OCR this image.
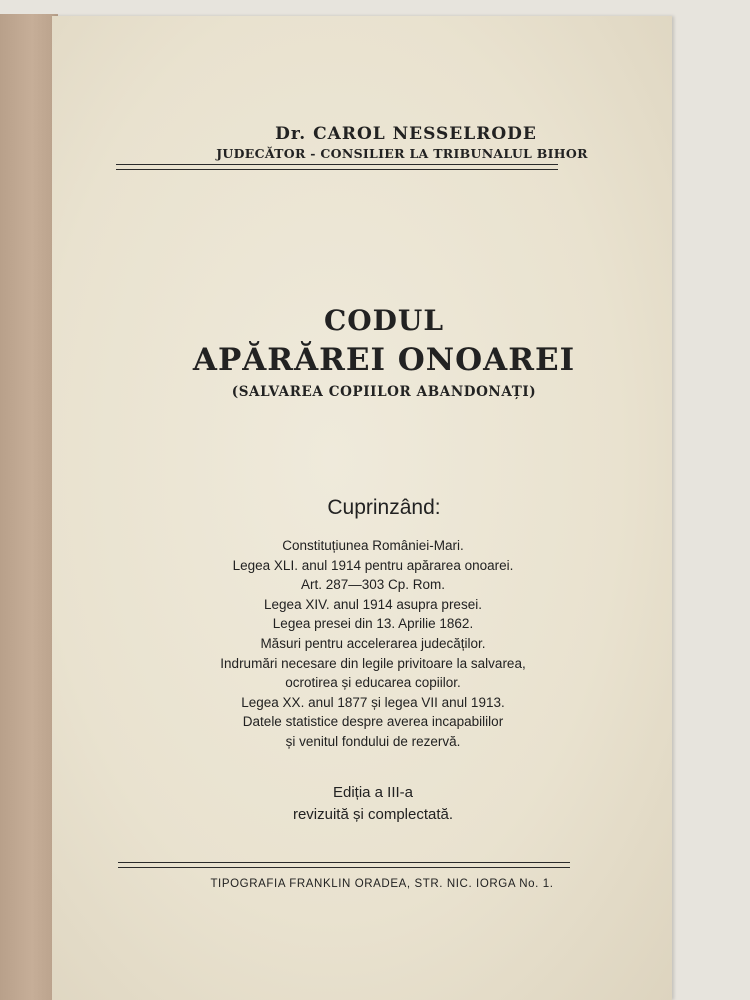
Dr. CAROL NESSELRODE
JUDECĂTOR - CONSILIER LA TRIBUNALUL BIHOR
CODUL
APĂRĂREI ONOAREI
(SALVAREA COPIILOR ABANDONAȚI)
Cuprinzând:
Constituțiunea României-Mari.
Legea XLI. anul 1914 pentru apărarea onoarei.
Art. 287—303 Cp. Rom.
Legea XIV. anul 1914 asupra presei.
Legea presei din 13. Aprilie 1862.
Măsuri pentru accelerarea judecăților.
Indrumări necesare din legile privitoare la salvarea,
ocrotirea și educarea copiilor.
Legea XX. anul 1877 și legea VII anul 1913.
Datele statistice despre averea incapabililor
și venitul fondului de rezervă.
Ediția a III-a
revizuită și complectată.
TIPOGRAFIA FRANKLIN ORADEA, STR. NIC. IORGA No. 1.
